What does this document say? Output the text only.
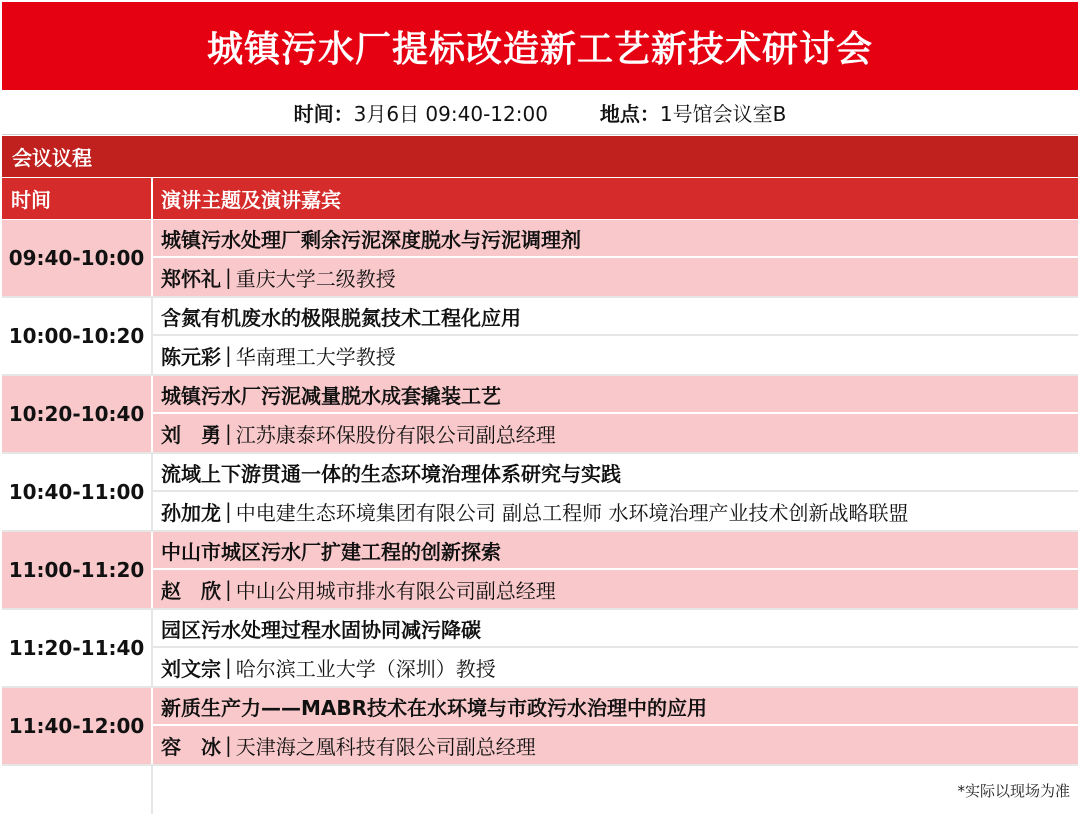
城镇污水厂提标改造新工艺新技术研讨会
时间： 3月6日 09:40-12:00	地点： 1号馆会议室B
会议议程
时间	演讲主题及演讲嘉宾
09:40-10:00
城镇污水处理厂剩余污泥深度脱水与污泥调理剂
郑怀礼 | 重庆大学二级教授
10:00-10:20
含氮有机废水的极限脱氮技术工程化应用
陈元彩 | 华南理工大学教授
10:20-10:40
城镇污水厂污泥减量脱水成套撬装工艺
刘　勇 | 江苏康泰环保股份有限公司副总经理
10:40-11:00
流域上下游贯通一体的生态环境治理体系研究与实践
孙加龙 | 中电建生态环境集团有限公司 副总工程师 水环境治理产业技术创新战略联盟
11:00-11:20
中山市城区污水厂扩建工程的创新探索
赵　欣 | 中山公用城市排水有限公司副总经理
11:20-11:40
园区污水处理过程水固协同减污降碳
刘文宗 | 哈尔滨工业大学（深圳）教授
11:40-12:00
新质生产力——MABR技术在水环境与市政污水治理中的应用
容　冰 | 天津海之凰科技有限公司副总经理
*实际以现场为准
